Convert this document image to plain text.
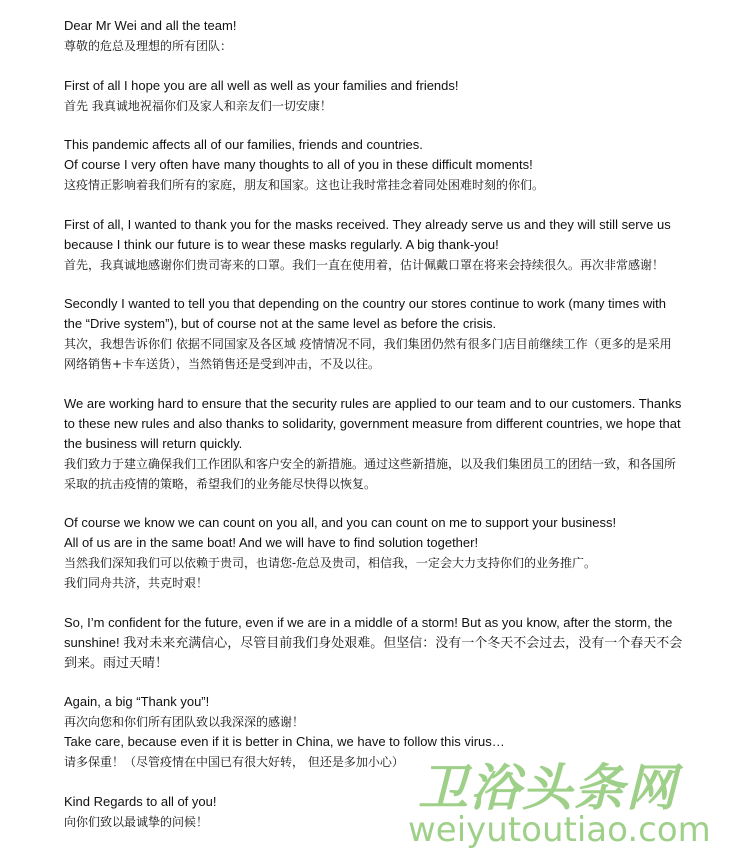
Dear Mr Wei and all the team!
尊敬的危总及理想的所有团队：
First of all I hope you are all well as well as your families and friends!
首先 我真诚地祝福你们及家人和亲友们一切安康！
This pandemic affects all of our families, friends and countries.
Of course I very often have many thoughts to all of you in these difficult moments!
这疫情正影响着我们所有的家庭，朋友和国家。这也让我时常挂念着同处困难时刻的你们。
First of all, I wanted to thank you for the masks received. They already serve us and they will still serve us because I think our future is to wear these masks regularly. A big thank-you!
首先，我真诚地感谢你们贵司寄来的口罩。我们一直在使用着，估计佩戴口罩在将来会持续很久。再次非常感谢！
Secondly I wanted to tell you that depending on the country our stores continue to work (many times with the “Drive system”), but of course not at the same level as before the crisis.
其次，我想告诉你们 依据不同国家及各区域 疫情情况不同，我们集团仍然有很多门店目前继续工作（更多的是采用 网络销售+卡车送货），当然销售还是受到冲击，不及以往。
We are working hard to ensure that the security rules are applied to our team and to our customers. Thanks to these new rules and also thanks to solidarity, government measure from different countries, we hope that the business will return quickly.
我们致力于建立确保我们工作团队和客户安全的新措施。通过这些新措施，以及我们集团员工的团结一致，和各国所采取的抗击疫情的策略，希望我们的业务能尽快得以恢复。
Of course we know we can count on you all, and you can count on me to support your business!
All of us are in the same boat! And we will have to find solution together!
当然我们深知我们可以依赖于贵司，也请您-危总及贵司，相信我，一定会大力支持你们的业务推广。
我们同舟共济，共克时艰！
So, I’m confident for the future, even if we are in a middle of a storm! But as you know, after the storm, the sunshine! 我对未来充满信心，尽管目前我们身处艰难。但坚信：没有一个冬天不会过去，没有一个春天不会到来。雨过天晴！
Again, a big “Thank you”!
再次向您和你们所有团队致以我深深的感谢！
Take care, because even if it is better in China, we have to follow this virus…
请多保重！（尽管疫情在中国已有很大好转， 但还是多加小心）
Kind Regards to all of you!
向你们致以最诚挚的问候！
卫浴头条网
weiyutoutiao.com
